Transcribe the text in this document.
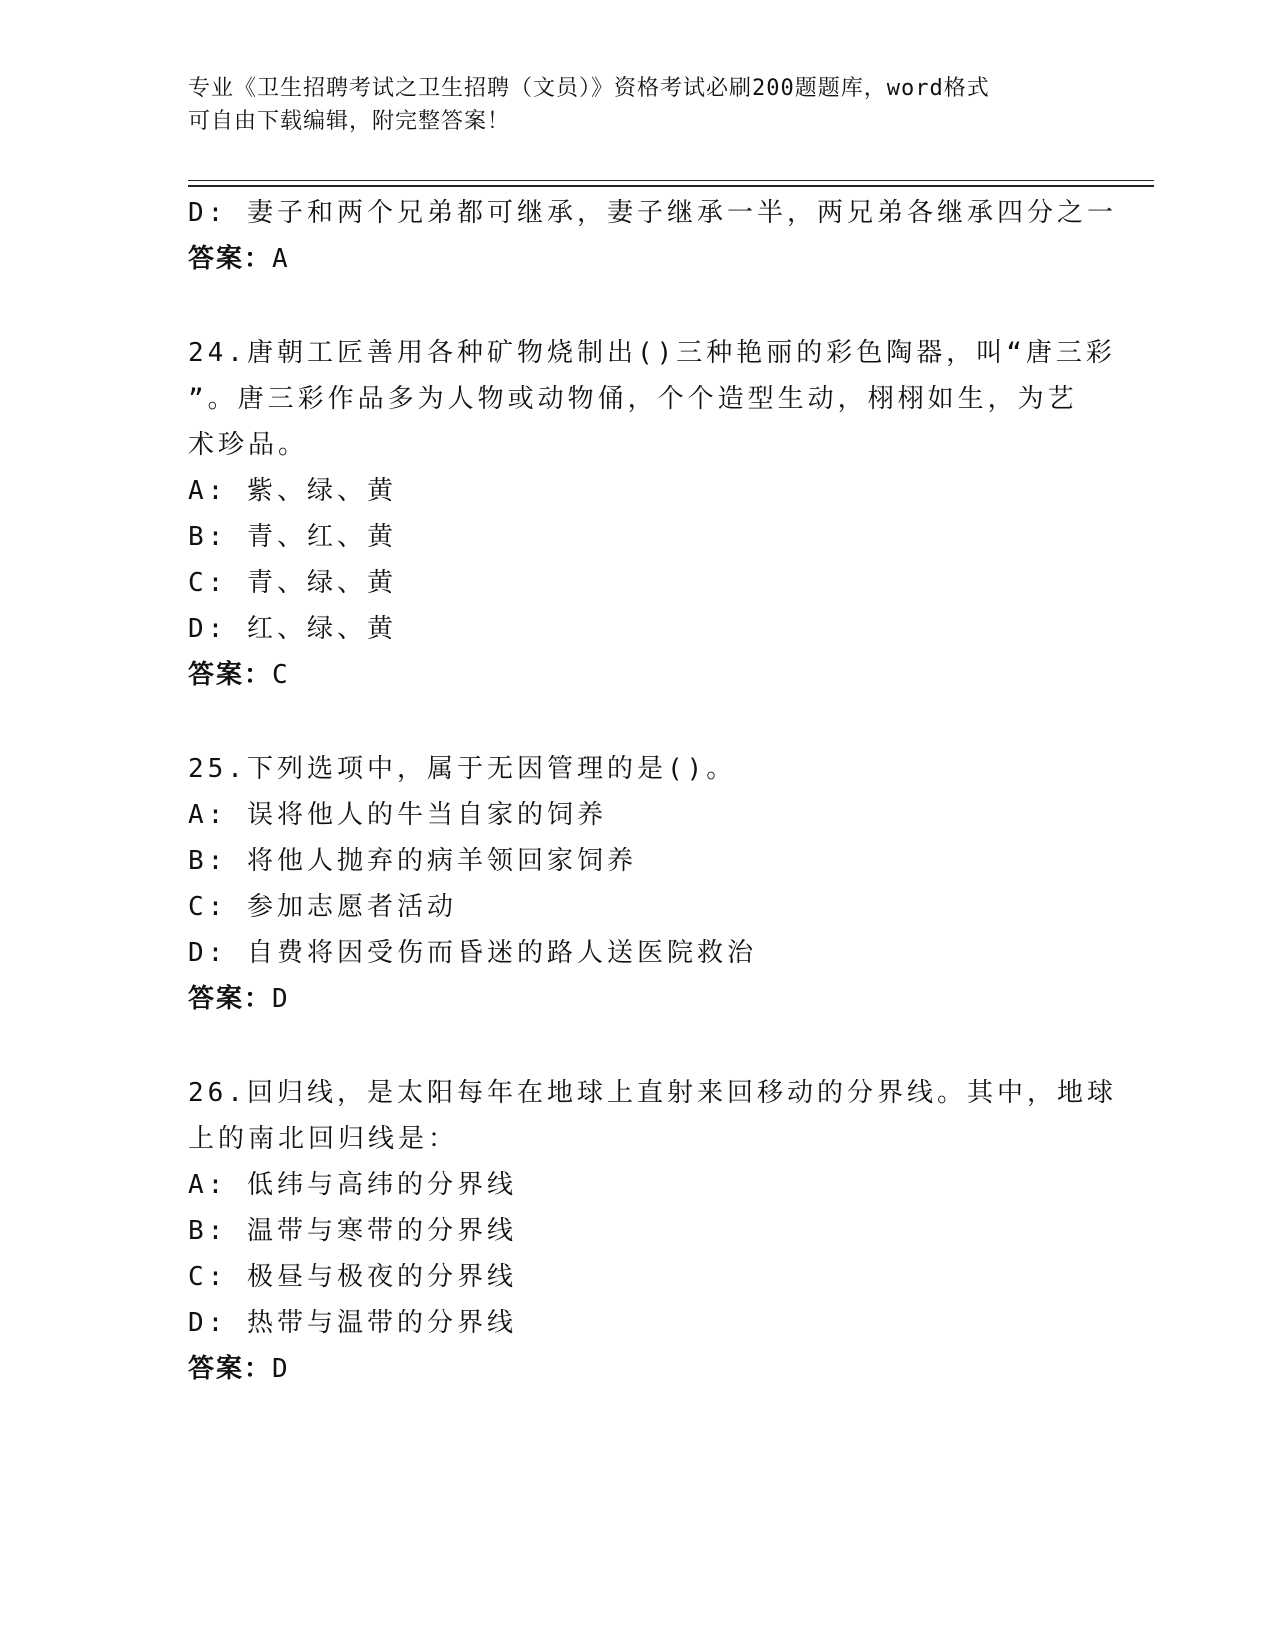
专业《卫生招聘考试之卫生招聘（文员）》资格考试必刷200题题库，word格式
可自由下载编辑，附完整答案！
D: 妻子和两个兄弟都可继承，妻子继承一半，两兄弟各继承四分之一
答案：A
24.唐朝工匠善用各种矿物烧制出()三种艳丽的彩色陶器，叫“唐三彩
”。唐三彩作品多为人物或动物俑，个个造型生动，栩栩如生，为艺
术珍品。
A: 紫、绿、黄
B: 青、红、黄
C: 青、绿、黄
D: 红、绿、黄
答案：C
25.下列选项中，属于无因管理的是()。
A: 误将他人的牛当自家的饲养
B: 将他人抛弃的病羊领回家饲养
C: 参加志愿者活动
D: 自费将因受伤而昏迷的路人送医院救治
答案：D
26.回归线，是太阳每年在地球上直射来回移动的分界线。其中，地球
上的南北回归线是：
A: 低纬与高纬的分界线
B: 温带与寒带的分界线
C: 极昼与极夜的分界线
D: 热带与温带的分界线
答案：D
